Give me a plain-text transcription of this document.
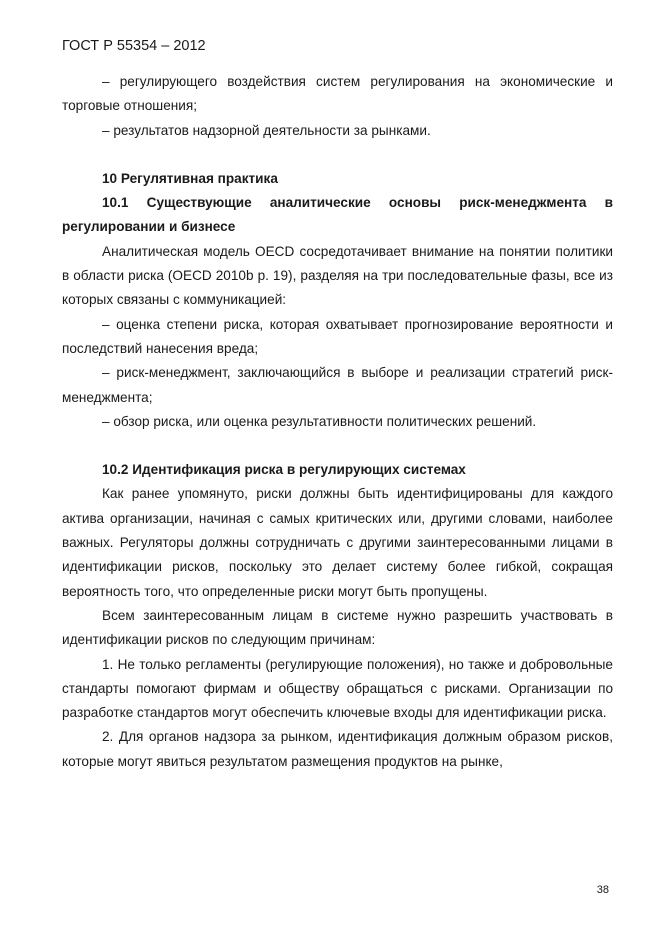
ГОСТ Р 55354 – 2012

– регулирующего воздействия систем регулирования на экономические и торговые отношения;

– результатов надзорной деятельности за рынками.

10 Регулятивная практика

10.1 Существующие аналитические основы риск-менеджмента в регулировании и бизнесе

Аналитическая модель OECD сосредотачивает внимание на понятии политики в области риска (OECD 2010b p. 19), разделяя на три последовательные фазы, все из которых связаны с коммуникацией:

– оценка степени риска, которая охватывает прогнозирование вероятности и последствий нанесения вреда;

– риск-менеджмент, заключающийся в выборе и реализации стратегий риск-менеджмента;

– обзор риска, или оценка результативности политических решений.

10.2 Идентификация риска в регулирующих системах

Как ранее упомянуто, риски должны быть идентифицированы для каждого актива организации, начиная с самых критических или, другими словами, наиболее важных. Регуляторы должны сотрудничать с другими заинтересованными лицами в идентификации рисков, поскольку это делает систему более гибкой, сокращая вероятность того, что определенные риски могут быть пропущены.

Всем заинтересованным лицам в системе нужно разрешить участвовать в идентификации рисков по следующим причинам:

1. Не только регламенты (регулирующие положения), но также и добровольные стандарты помогают фирмам и обществу обращаться с рисками. Организации по разработке стандартов могут обеспечить ключевые входы для идентификации риска.

2. Для органов надзора за рынком, идентификация должным образом рисков, которые могут явиться результатом размещения продуктов на рынке,

38
